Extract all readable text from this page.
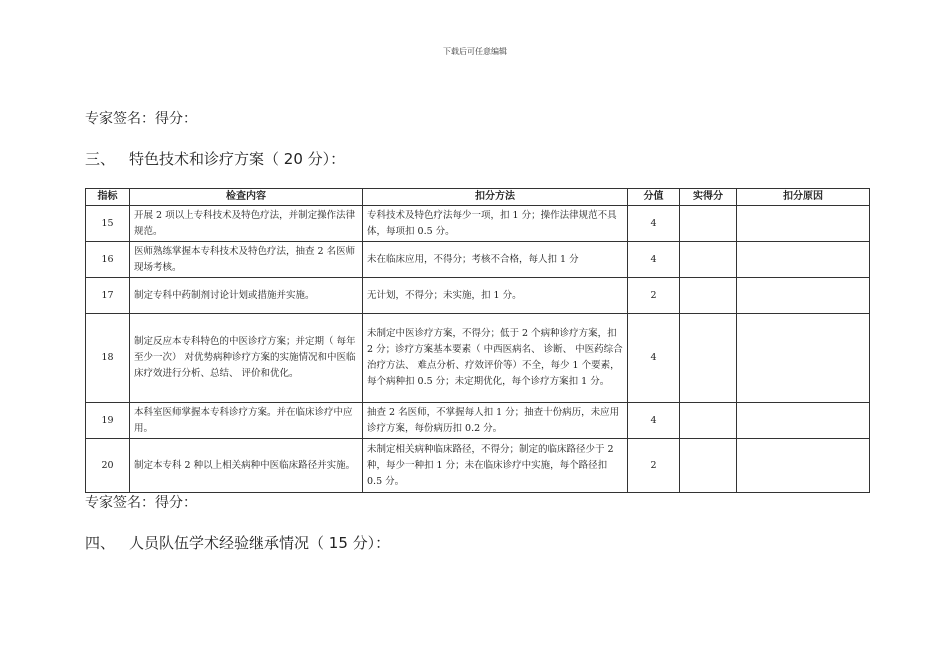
下载后可任意编辑
专家签名：得分：
三、 特色技术和诊疗方案（ 20 分）：
指标	检查内容	扣分方法	分值	实得分	扣分原因
15	开展 2 项以上专科技术及特色疗法，并制定操作法律规范。	专科技术及特色疗法每少一项，扣 1 分；操作法律规范不具体，每项扣 0.5 分。	4		
16	医师熟练掌握本专科技术及特色疗法，抽查 2 名医师现场考核。	未在临床应用，不得分；考核不合格，每人扣 1 分	4		
17	制定专科中药制剂讨论计划或措施并实施。	无计划，不得分；未实施，扣 1 分。	2		
18	制定反应本专科特色的中医诊疗方案；并定期（ 每年至少一次） 对优势病种诊疗方案的实施情况和中医临床疗效进行分析、总结、 评价和优化。	未制定中医诊疗方案，不得分；低于 2 个病种诊疗方案，扣 2 分；诊疗方案基本要素（ 中西医病名、 诊断、 中医药综合治疗方法、 难点分析、疗效评价等）不全，每少 1 个要素，每个病种扣 0.5 分；未定期优化，每个诊疗方案扣 1 分。	4		
19	本科室医师掌握本专科诊疗方案。并在临床诊疗中应用。	抽查 2 名医师，不掌握每人扣 1 分；抽查十份病历，未应用诊疗方案，每份病历扣 0.2 分。	4		
20	制定本专科 2 种以上相关病种中医临床路径并实施。	未制定相关病种临床路径，不得分；制定的临床路径少于 2 种，每少一种扣 1 分；未在临床诊疗中实施，每个路径扣 0.5 分。	2		
专家签名：得分：
四、 人员队伍学术经验继承情况（ 15 分）：
